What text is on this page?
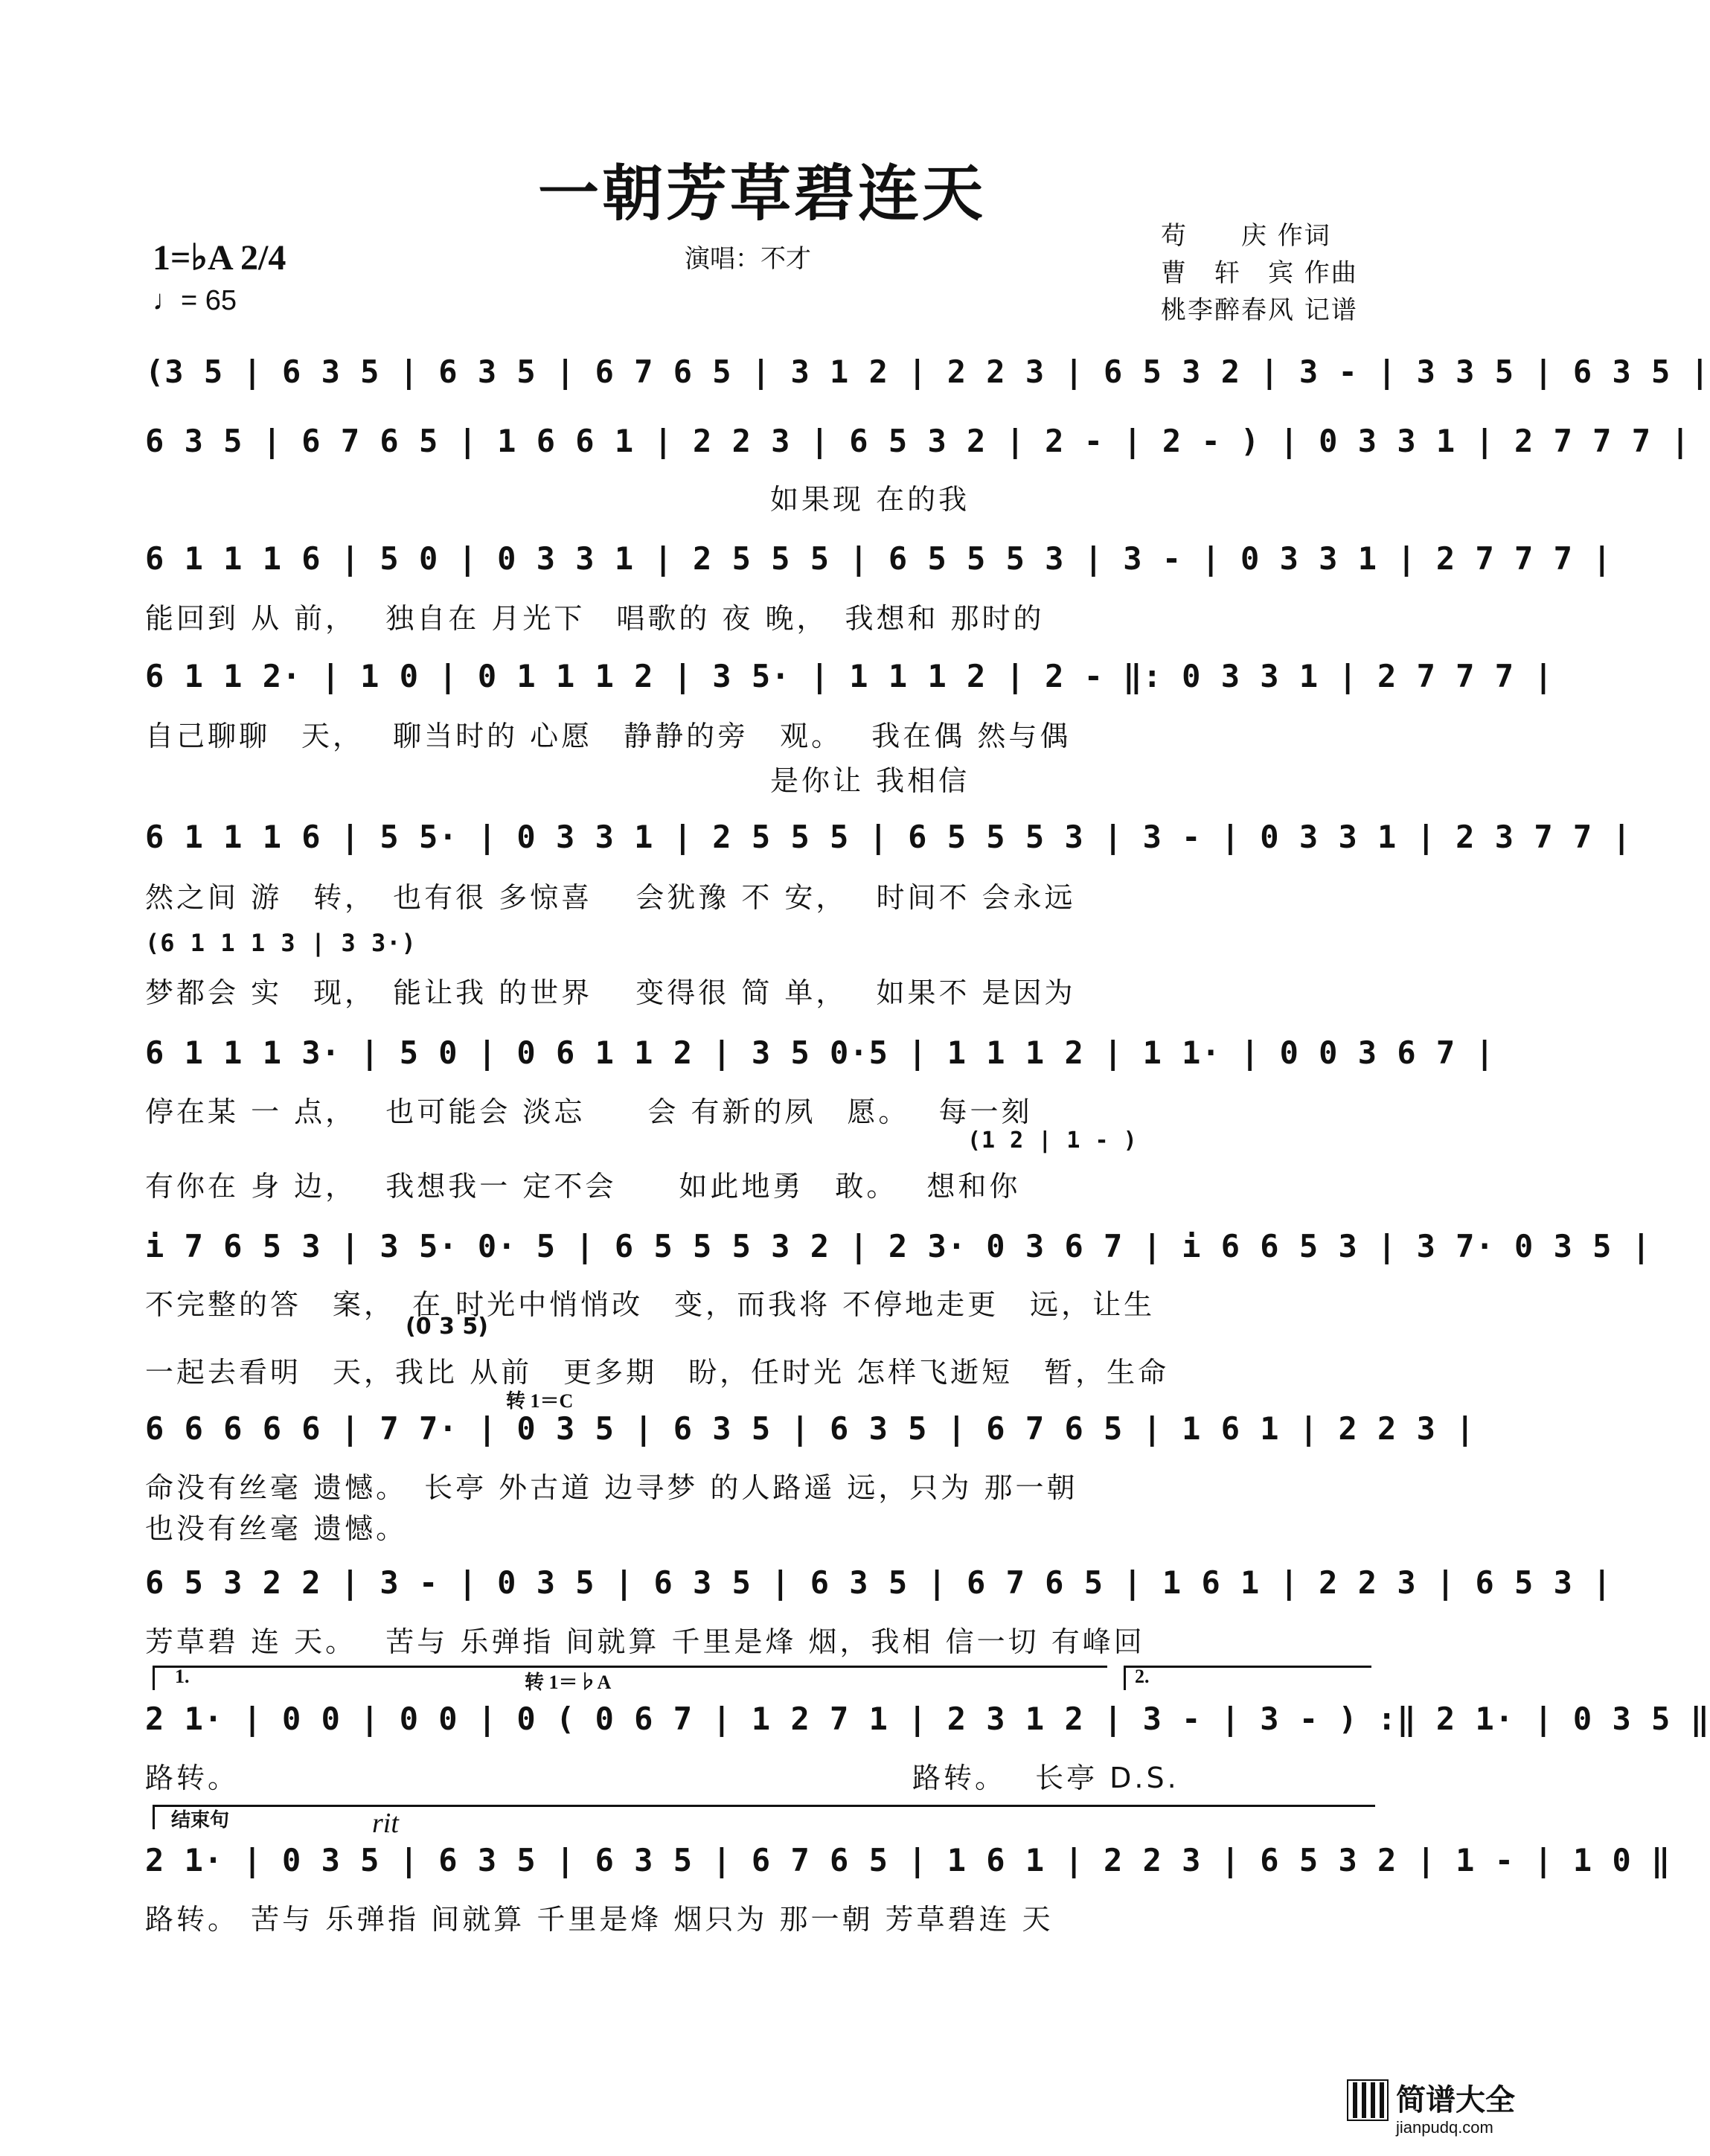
一朝芳草碧连天
1=♭A 2/4
♩= 65
演唱：不才
苟　　庆 作词
曹　轩　宾 作曲
桃李醉春风 记谱
(3 5 | 6 3 5 | 6 3 5 | 6 7 6 5 | 3 1 2 | 2 2 3 | 6 5 3 2 | 3 - | 3 3 5 | 6 3 5 |
6 3 5 | 6 7 6 5 | 1 6 6 1 | 2 2 3 | 6 5 3 2 | 2 - | 2 - ) | 0 3 3 1 | 2 7 7 7 |
　　　　　　　　　　　　　　　　　　　　如果现 在的我
6 1 1 1 6 | 5 0 | 0 3 3 1 | 2 5 5 5 | 6 5 5 5 3 | 3 - | 0 3 3 1 | 2 7 7 7 |
能回到 从 前，　 独自在 月光下　唱歌的 夜 晚，　我想和 那时的
6 1 1 2· | 1 0 | 0 1 1 1 2 | 3 5· | 1 1 1 2 | 2 - ‖: 0 3 3 1 | 2 7 7 7 |
自己聊聊　天，　 聊当时的 心愿　静静的旁　观。　 我在偶 然与偶
　　　　　　　　　　　　　　　　　　　　是你让 我相信
6 1 1 1 6 | 5 5· | 0 3 3 1 | 2 5 5 5 | 6 5 5 5 3 | 3 - | 0 3 3 1 | 2 3 7 7 |
然之间 游　转，　也有很 多惊喜　 会犹豫 不 安，　 时间不 会永远
(6 1 1 1 3 | 3 3·)
梦都会 实　现，　能让我 的世界　 变得很 简 单，　 如果不 是因为
6 1 1 1 3· | 5 0 | 0 6 1 1 2 | 3 5 0·5 | 1 1 1 2 | 1 1· | 0 0 3 6 7 |
停在某 一 点，　 也可能会 淡忘　　会 有新的夙　愿。　 每一刻
(1 2 | 1 - )
有你在 身 边，　 我想我一 定不会　　如此地勇　敢。　 想和你
i 7 6 5 3 | 3 5· 0· 5 | 6 5 5 5 3 2 | 2 3· 0 3 6 7 | i 6 6 5 3 | 3 7· 0 3 5 |
不完整的答　案，　在 时光中悄悄改　变，而我将 不停地走更　远，让生
(0 3 5)
一起去看明　天，我比 从前　更多期　盼，任时光 怎样飞逝短　暂，生命
转 1＝C
6 6 6 6 6 | 7 7· | 0 3 5 | 6 3 5 | 6 3 5 | 6 7 6 5 | 1 6 1 | 2 2 3 |
命没有丝毫 遗憾。　长亭 外古道 边寻梦 的人路遥 远，只为 那一朝
也没有丝毫 遗憾。
6 5 3 2 2 | 3 - | 0 3 5 | 6 3 5 | 6 3 5 | 6 7 6 5 | 1 6 1 | 2 2 3 | 6 5 3 |
芳草碧 连 天。　 苦与 乐弹指 间就算 千里是烽 烟，我相 信一切 有峰回
1.	2.
转 1＝♭A
2 1· | 0 0 | 0 0 | 0 ( 0 6 7 | 1 2 7 1 | 2 3 1 2 | 3 - | 3 - ) :‖ 2 1· | 0 3 5 ‖
路转。　　　　　　　　　　　　　　　　　　　　　　路转。　 长亭 D.S.
结束句	rit
2 1· | 0 3 5 | 6 3 5 | 6 3 5 | 6 7 6 5 | 1 6 1 | 2 2 3 | 6 5 3 2 | 1 - | 1 0 ‖
路转。 苦与 乐弹指 间就算 千里是烽 烟只为 那一朝 芳草碧连 天
简谱大全
jianpudq.com
